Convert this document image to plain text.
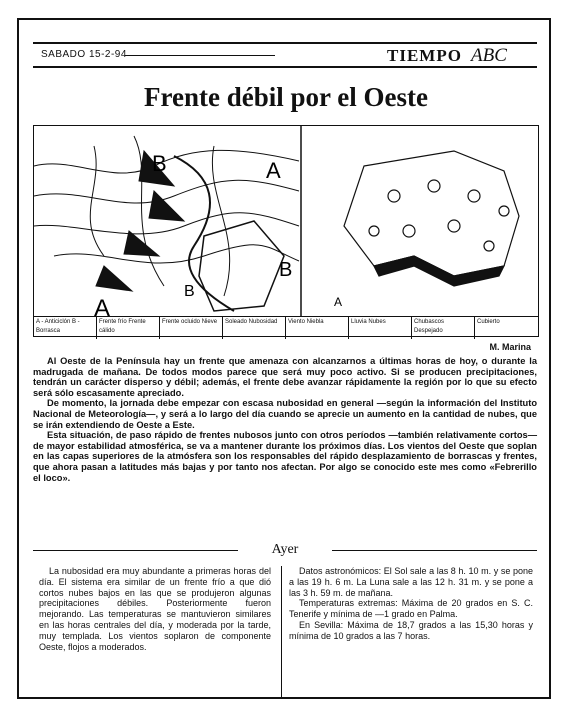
SABADO 15-2-94	TIEMPO ABC
Frente débil por el Oeste
B	A
B
A
B
A
A - Anticiclón B - Borrasca
Frente frío Frente cálido
Frente ocluido Nieve	Soleado Nubosidad	Viento Niebla	Lluvia Nubes	Chubascos Despejado
Cubierto
M. Marina

Al Oeste de la Península hay un frente que amenaza con alcanzarnos a últimas horas de hoy, o durante la madrugada de mañana. De todos modos parece que será muy poco activo. Si se producen precipitaciones, tendrán un carácter disperso y débil; además, el frente debe avanzar rápidamente la región por lo que su efecto será sólo escasamente apreciado.

De momento, la jornada debe empezar con escasa nubosidad en general —según la información del Instituto Nacional de Meteorología—, y será a lo largo del día cuando se aprecie un aumento en la cantidad de nubes, que se irán extendiendo de Oeste a Este.

Esta situación, de paso rápido de frentes nubosos junto con otros períodos —también relativamente cortos— de mayor estabilidad atmosférica, se va a mantener durante los próximos días. Los vientos del Oeste que soplan en las capas superiores de la atmósfera son los responsables del rápido desplazamiento de borrascas y frentes, que ahora pasan a latitudes más bajas y por tanto nos afectan. Por algo se conocido este mes como «Febrerillo el loco».

Ayer

La nubosidad era muy abundante a primeras horas del día. El sistema era similar de un frente frío a que dió cortos nubes bajos en las que se produjeron algunas precipitaciones débiles. Posteriormente fueron mejorando. Las temperaturas se mantuvieron similares en las horas centrales del día, y moderada por la tarde, muy templada. Los vientos soplaron de componente Oeste, flojos a moderados.

Datos astronómicos: El Sol sale a las 8 h. 10 m. y se pone a las 19 h. 6 m. La Luna sale a las 12 h. 31 m. y se pone a las 3 h. 59 m. de mañana.

Temperaturas extremas: Máxima de 20 grados en S. C. Tenerife y mínima de —1 grado en Palma.

En Sevilla: Máxima de 18,7 grados a las 15,30 horas y mínima de 10 grados a las 7 horas.
